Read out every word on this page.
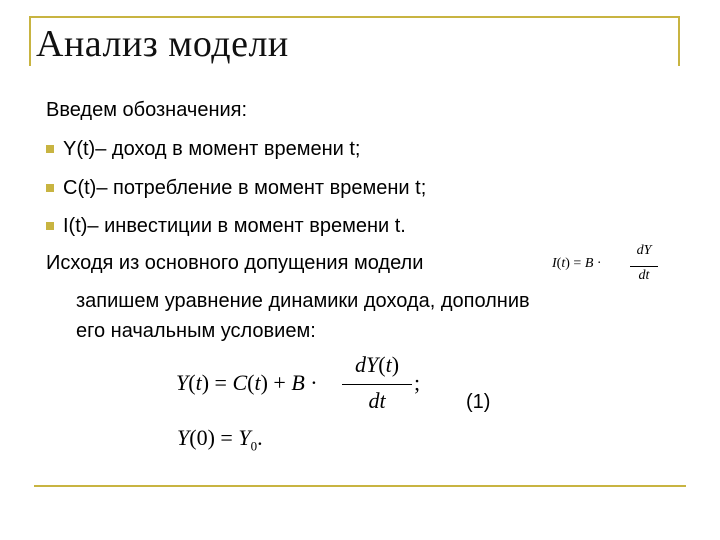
Анализ модели
Введем обозначения:
Y(t)– доход в момент времени t;
C(t)– потребление в момент времени t;
I(t)– инвестиции в момент времени t.
Исходя из основного допущения модели	I(t) = B ·
dY
dt
запишем уравнение динамики дохода, дополнив
его начальным условием:
Y(t) = C(t) + B ·
dY(t)
dt
;
$Y(0) = Y_0$.
(1)
